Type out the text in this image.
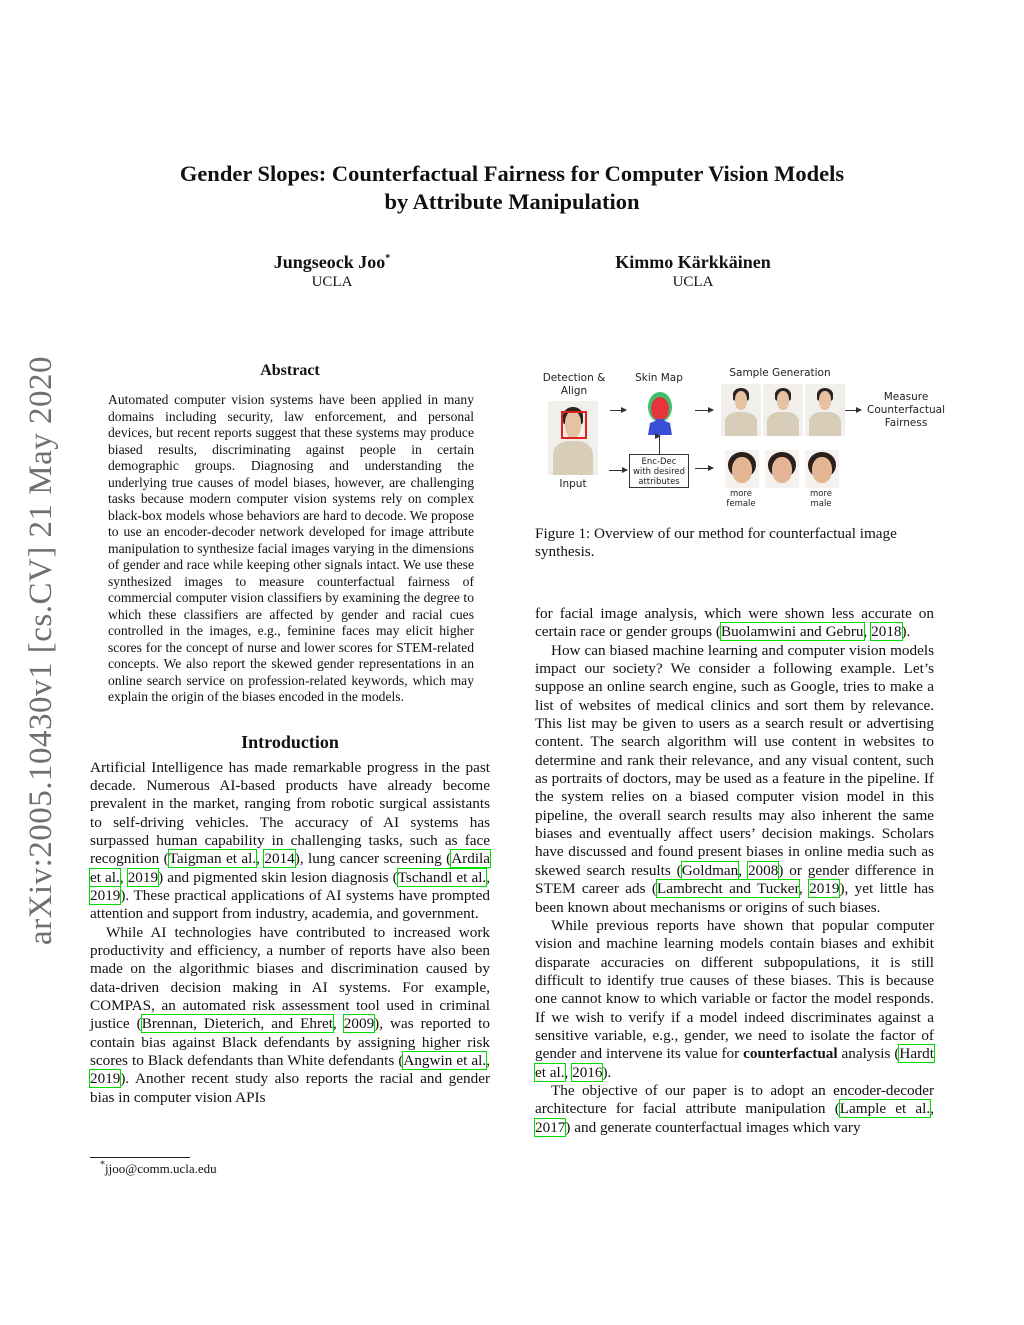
arXiv:2005.10430v1 [cs.CV] 21 May 2020
Gender Slopes: Counterfactual Fairness for Computer Vision Models
by Attribute Manipulation
Jungseock Joo*
UCLA
Kimmo Kärkkäinen
UCLA
Abstract
Automated computer vision systems have been applied in many domains including security, law enforcement, and personal devices, but recent reports suggest that these systems may produce biased results, discriminating against people in certain demographic groups. Diagnosing and understanding the underlying true causes of model biases, however, are challenging tasks because modern computer vision systems rely on complex black-box models whose behaviors are hard to decode. We propose to use an encoder-decoder network developed for image attribute manipulation to synthesize facial images varying in the dimensions of gender and race while keeping other signals intact. We use these synthesized images to measure counterfactual fairness of commercial computer vision classifiers by examining the degree to which these classifiers are affected by gender and racial cues controlled in the images, e.g., feminine faces may elicit higher scores for the concept of nurse and lower scores for STEM-related concepts. We also report the skewed gender representations in an online search service on profession-related keywords, which may explain the origin of the biases encoded in the models.
Introduction

Artificial Intelligence has made remarkable progress in the past decade. Numerous AI-based products have already become prevalent in the market, ranging from robotic surgical assistants to self-driving vehicles. The accuracy of AI systems has surpassed human capability in challenging tasks, such as face recognition (Taigman et al., 2014), lung cancer screening (Ardila et al., 2019) and pigmented skin lesion diagnosis (Tschandl et al., 2019). These practical applications of AI systems have prompted attention and support from industry, academia, and government.

While AI technologies have contributed to increased work productivity and efficiency, a number of reports have also been made on the algorithmic biases and discrimination caused by data-driven decision making in AI systems. For example, COMPAS, an automated risk assessment tool used in criminal justice (Brennan, Dieterich, and Ehret, 2009), was reported to contain bias against Black defendants by assigning higher risk scores to Black defendants than White defendants (Angwin et al., 2019). Another recent study also reports the racial and gender bias in computer vision APIs

*jjoo@comm.ucla.edu
Detection &
Align
Skin Map	Sample Generation
Measure
Counterfactual
Fairness
Input
Enc-Dec
with desired
attributes
more
female
more
male
Figure 1: Overview of our method for counterfactual image synthesis.

for facial image analysis, which were shown less accurate on certain race or gender groups (Buolamwini and Gebru, 2018).

How can biased machine learning and computer vision models impact our society? We consider a following example. Let’s suppose an online search engine, such as Google, tries to make a list of websites of medical clinics and sort them by relevance. This list may be given to users as a search result or advertising content. The search algorithm will use content in websites to determine and rank their relevance, and any visual content, such as portraits of doctors, may be used as a feature in the pipeline. If the system relies on a biased computer vision model in this pipeline, the overall search results may also inherent the same biases and eventually affect users’ decision makings. Scholars have discussed and found present biases in online media such as skewed search results (Goldman, 2008) or gender difference in STEM career ads (Lambrecht and Tucker, 2019), yet little has been known about mechanisms or origins of such biases.

While previous reports have shown that popular computer vision and machine learning models contain biases and exhibit disparate accuracies on different subpopulations, it is still difficult to identify true causes of these biases. This is because one cannot know to which variable or factor the model responds. If we wish to verify if a model indeed discriminates against a sensitive variable, e.g., gender, we need to isolate the factor of gender and intervene its value for counterfactual analysis (Hardt et al., 2016).

The objective of our paper is to adopt an encoder-decoder architecture for facial attribute manipulation (Lample et al., 2017) and generate counterfactual images which vary
